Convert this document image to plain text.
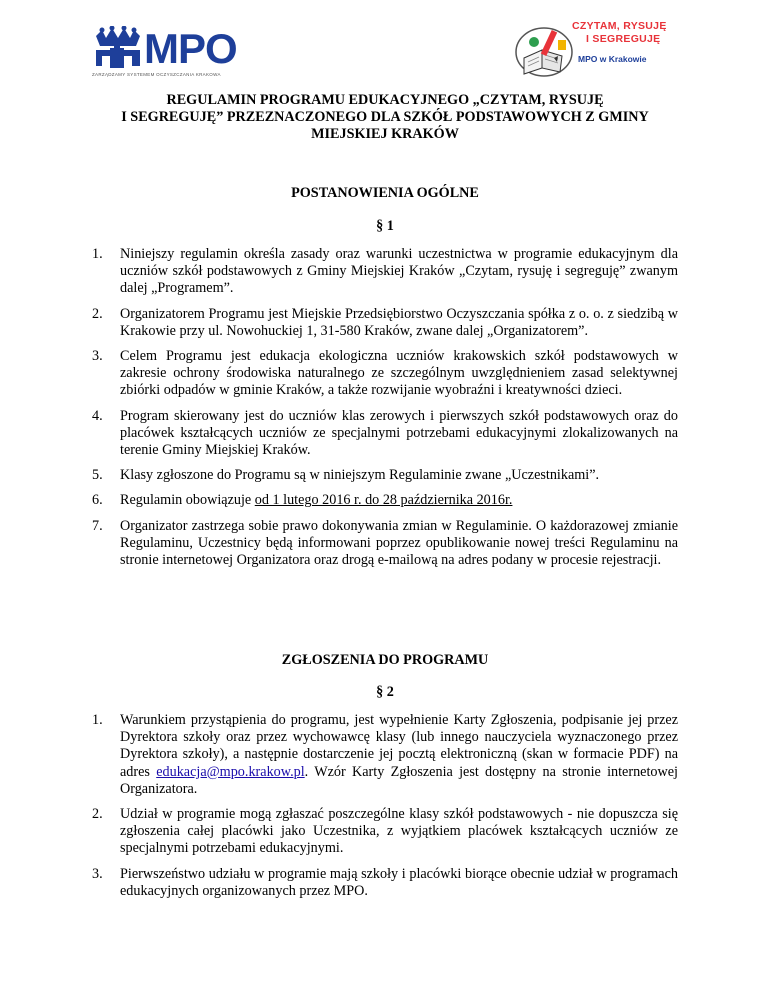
MPO
ZARZĄDZAMY SYSTEMEM OCZYSZCZANIA KRAKOWA
CZYTAM, RYSUJĘ
I SEGREGUJĘ
MPO w Krakowie
REGULAMIN PROGRAMU EDUKACYJNEGO „CZYTAM, RYSUJĘ
I SEGREGUJĘ” PRZEZNACZONEGO DLA SZKÓŁ PODSTAWOWYCH Z GMINY
MIEJSKIEJ KRAKÓW
POSTANOWIENIA OGÓLNE
§ 1
1.	Niniejszy regulamin określa zasady oraz warunki uczestnictwa w programie edukacyjnym dla uczniów szkół podstawowych z Gminy Miejskiej Kraków „Czytam, rysuję i segreguję” zwanym dalej „Programem”.
2.	Organizatorem Programu jest Miejskie Przedsiębiorstwo Oczyszczania spółka z o. o. z siedzibą w Krakowie przy ul. Nowohuckiej 1, 31-580 Kraków, zwane dalej „Organizatorem”.
3.	Celem Programu jest edukacja ekologiczna uczniów krakowskich szkół podstawowych w zakresie ochrony środowiska naturalnego ze szczególnym uwzględnieniem zasad selektywnej zbiórki odpadów w gminie Kraków, a także rozwijanie wyobraźni i kreatywności dzieci.
4.	Program skierowany jest do uczniów klas zerowych i pierwszych szkół podstawowych oraz do placówek kształcących uczniów ze specjalnymi potrzebami edukacyjnymi zlokalizowanych na terenie Gminy Miejskiej Kraków.
5.	Klasy zgłoszone do Programu są w niniejszym Regulaminie zwane „Uczestnikami”.
6.	Regulamin obowiązuje od 1 lutego 2016 r. do 28 października 2016r.
7.	Organizator zastrzega sobie prawo dokonywania zmian w Regulaminie. O każdorazowej zmianie Regulaminu, Uczestnicy będą informowani poprzez opublikowanie nowej treści Regulaminu na stronie internetowej Organizatora oraz drogą e-mailową na adres podany w procesie rejestracji.
ZGŁOSZENIA DO PROGRAMU
§ 2
1.	Warunkiem przystąpienia do programu, jest wypełnienie Karty Zgłoszenia, podpisanie jej przez Dyrektora szkoły oraz przez wychowawcę klasy (lub innego nauczyciela wyznaczonego przez Dyrektora szkoły), a następnie dostarczenie jej pocztą elektroniczną (skan w formacie PDF) na adres edukacja@mpo.krakow.pl. Wzór Karty Zgłoszenia jest dostępny na stronie internetowej Organizatora.
2.	Udział w programie mogą zgłaszać poszczególne klasy szkół podstawowych - nie dopuszcza się zgłoszenia całej placówki jako Uczestnika, z wyjątkiem placówek kształcących uczniów ze specjalnymi potrzebami edukacyjnymi.
3.	Pierwszeństwo udziału w programie mają szkoły i placówki biorące obecnie udział w programach edukacyjnych organizowanych przez MPO.
